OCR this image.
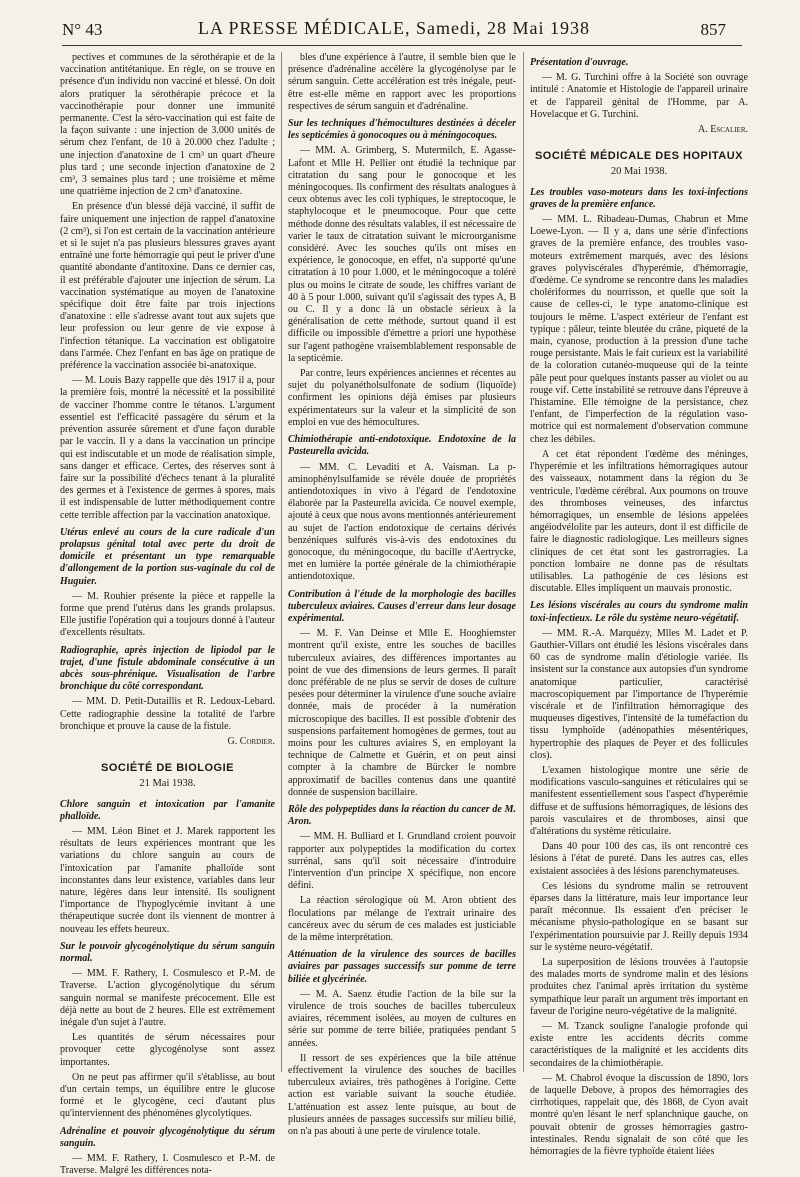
N° 43	LA PRESSE MÉDICALE, Samedi, 28 Mai 1938	857

pectives et communes de la sérothérapie et de la vaccination antitétanique. En règle, on se trouve en présence d'un individu non vacciné et blessé. On doit alors pratiquer la sérothérapie précoce et la vaccinothérapie pour donner une immunité permanente. C'est la séro-vaccination qui est faite de la façon suivante : une injection de 3.000 unités de sérum chez l'enfant, de 10 à 20.000 chez l'adulte ; une injection d'anatoxine de 1 cm³ un quart d'heure plus tard ; une seconde injection d'anatoxine de 2 cm³, 3 semaines plus tard ; une troisième et même une quatrième injection de 2 cm³ d'anatoxine.

En présence d'un blessé déjà vacciné, il suffit de faire uniquement une injection de rappel d'anatoxine (2 cm³), si l'on est certain de la vaccination antérieure et si le sujet n'a pas plusieurs blessures graves ayant entraîné une forte hémorragie qui peut le priver d'une quantité abondante d'antitoxine. Dans ce dernier cas, il est préférable d'ajouter une injection de sérum. La vaccination systématique au moyen de l'anatoxine spécifique doit être faite par trois injections d'anatoxine : elle s'adresse avant tout aux sujets que leur profession ou leur genre de vie expose à l'infection tétanique. La vaccination est obligatoire dans l'armée. Chez l'enfant en bas âge on pratique de préférence la vaccination associée bi-anatoxique.

— M. Louis Bazy rappelle que dès 1917 il a, pour la première fois, montré la nécessité et la possibilité de vacciner l'homme contre le tétanos. L'argument essentiel est l'efficacité passagère du sérum et la prévention assurée sûrement et d'une façon durable par le vaccin. Il y a dans la vaccination un principe qui est indiscutable et un mode de réalisation simple, sans danger et efficace. Certes, des réserves sont à faire sur la possibilité d'échecs tenant à la pluralité des germes et à l'existence de germes à spores, mais il est indispensable de lutter méthodiquement contre cette terrible affection par la vaccination anatoxique.

Utérus enlevé au cours de la cure radicale d'un prolapsus génital total avec perte du droit de domicile et présentant un type remarquable d'allongement de la portion sus-vaginale du col de Huguier.

— M. Rouhier présente la pièce et rappelle la forme que prend l'utérus dans les grands prolapsus. Elle justifie l'opération qui a toujours donné à l'auteur d'excellents résultats.

Radiographie, après injection de lipiodol par le trajet, d'une fistule abdominale consécutive à un abcès sous-phrénique. Visualisation de l'arbre bronchique du côté correspondant.

— MM. D. Petit-Dutaillis et R. Ledoux-Lebard. Cette radiographie dessine la totalité de l'arbre bronchique et prouve la cause de la fistule.

G. Cordier.
SOCIÉTÉ DE BIOLOGIE
21 Mai 1938.

Chlore sanguin et intoxication par l'amanite phalloïde.

— MM. Léon Binet et J. Marek rapportent les résultats de leurs expériences montrant que les variations du chlore sanguin au cours de l'intoxication par l'amanite phalloïde sont inconstantes dans leur existence, variables dans leur nature, légères dans leur intensité. Ils soulignent l'importance de l'hypoglycémie invitant à une thérapeutique sucrée dont ils viennent de montrer à nouveau les effets heureux.

Sur le pouvoir glycogénolytique du sérum sanguin normal.

— MM. F. Rathery, I. Cosmulesco et P.-M. de Traverse. L'action glycogénolytique du sérum sanguin normal se manifeste précocement. Elle est déjà nette au bout de 2 heures. Elle est extrêmement inégale d'un sujet à l'autre.

Les quantités de sérum nécessaires pour provoquer cette glycogénolyse sont assez importantes.

On ne peut pas affirmer qu'il s'établisse, au bout d'un certain temps, un équilibre entre le glucose formé et le glycogène, ceci d'autant plus qu'interviennent des phénomènes glycolytiques.

Adrénaline et pouvoir glycogénolytique du sérum sanguin.

— MM. F. Rathery, I. Cosmulesco et P.-M. de Traverse. Malgré les différences nota-

bles d'une expérience à l'autre, il semble bien que le présence d'adrénaline accélère la glycogénolyse par le sérum sanguin. Cette accélération est très inégale, peut-être est-elle même en rapport avec les proportions respectives de sérum sanguin et d'adrénaline.

Sur les techniques d'hémocultures destinées à déceler les septicémies à gonocoques ou à méningocoques.

— MM. A. Grimberg, S. Mutermilch, E. Agasse-Lafont et Mlle H. Pellier ont étudié la technique par citratation du sang pour le gonocoque et les méningocoques. Ils confirment des résultats analogues à ceux obtenus avec les coli typhiques, le streptocoque, le staphylocoque et le pneumocoque. Pour que cette méthode donne des résultats valables, il est nécessaire de varier le taux de citratation suivant le microorganisme considéré. Avec les souches qu'ils ont mises en expérience, le gonocoque, en effet, n'a supporté qu'une citratation à 10 pour 1.000, et le méningocoque a toléré plus ou moins le citrate de soude, les chiffres variant de 40 à 5 pour 1.000, suivant qu'il s'agissait des types A, B ou C. Il y a donc là un obstacle sérieux à la généralisation de cette méthode, surtout quand il est difficile ou impossible d'émettre a priori une hypothèse sur l'agent pathogène vraisemblablement responsable de la septicémie.

Par contre, leurs expériences anciennes et récentes au sujet du polyanétholsulfonate de sodium (liquoïde) confirment les opinions déjà émises par plusieurs expérimentateurs sur la valeur et la simplicité de son emploi en vue des hémocultures.

Chimiothérapie anti-endotoxique. Endotoxine de la Pasteurella avicida.

— MM. C. Levaditi et A. Vaisman. La p-aminophénylsulfamide se révèle douée de propriétés antiendotoxiques in vivo à l'égard de l'endotoxine élaborée par la Pasteurella avicida. Ce nouvel exemple, ajouté à ceux que nous avons mentionnés antérieurement au sujet de l'action endotoxique de certains dérivés benzéniques sulfurés vis-à-vis des endotoxines du gonocoque, du méningocoque, du bacille d'Aertrycke, met en lumière la portée générale de la chimiothérapie antiendotoxique.

Contribution à l'étude de la morphologie des bacilles tuberculeux aviaires. Causes d'erreur dans leur dosage expérimental.

— M. F. Van Deinse et Mlle E. Hooghiemster montrent qu'il existe, entre les souches de bacilles tuberculeux aviaires, des différences importantes au point de vue des dimensions de leurs germes. Il paraît donc préférable de ne plus se servir de doses de culture pesées pour déterminer la virulence d'une souche aviaire donnée, mais de procéder à la numération microscopique des bacilles. Il est possible d'obtenir des suspensions parfaitement homogènes de germes, tout au moins pour les cultures aviaires S, en employant la technique de Calmette et Guérin, et on peut ainsi compter à la chambre de Bürcker le nombre approximatif de bacilles contenus dans une quantité donnée de suspension bacillaire.

Rôle des polypeptides dans la réaction du cancer de M. Aron.

— MM. H. Bulliard et I. Grundland croient pouvoir rapporter aux polypeptides la modification du cortex surrénal, sans qu'il soit nécessaire d'introduire l'intervention d'un principe X spécifique, non encore défini.

La réaction sérologique où M. Aron obtient des floculations par mélange de l'extrait urinaire des cancéreux avec du sérum de ces malades est justiciable de la même interprétation.

Atténuation de la virulence des sources de bacilles aviaires par passages successifs sur pomme de terre biliée et glycérinée.

— M. A. Saenz étudie l'action de la bile sur la virulence de trois souches de bacilles tuberculeux aviaires, récemment isolées, au moyen de cultures en série sur pomme de terre biliée, pratiquées pendant 5 années.

Il ressort de ses expériences que la bile atténue effectivement la virulence des souches de bacilles tuberculeux aviaires, très pathogènes à l'origine. Cette action est variable suivant la souche étudiée. L'atténuation est assez lente puisque, au bout de plusieurs années de passages successifs sur milieu bilié, on n'a pas abouti à une perte de virulence totale.

Présentation d'ouvrage.

— M. G. Turchini offre à la Société son ouvrage intitulé : Anatomie et Histologie de l'appareil urinaire et de l'appareil génital de l'Homme, par A. Hovelacque et G. Turchini.

A. Escalier.
SOCIÉTÉ MÉDICALE DES HOPITAUX
20 Mai 1938.

Les troubles vaso-moteurs dans les toxi-infections graves de la première enfance.

— MM. L. Ribadeau-Dumas, Chabrun et Mme Loewe-Lyon. — Il y a, dans une série d'infections graves de la première enfance, des troubles vaso-moteurs extrêmement marqués, avec des lésions graves polyviscérales d'hyperémie, d'hémorragie, d'œdème. Ce syndrome se rencontre dans les maladies cholériformes du nourrisson, et quelle que soit la cause de celles-ci, le type anatomo-clinique est toujours le même. L'aspect extérieur de l'enfant est typique : pâleur, teinte bleutée du crâne, piqueté de la main, cyanose, production à la pression d'une tache rouge persistante. Mais le fait curieux est la variabilité de la coloration cutanéo-muqueuse qui de la teinte pâle peut pour quelques instants passer au violet ou au rouge vif. Cette instabilité se retrouve dans l'épreuve à l'histamine. Elle témoigne de la persistance, chez l'enfant, de l'imperfection de la régulation vaso-motrice qui est normalement d'observation commune chez les débiles.

A cet état répondent l'œdème des méninges, l'hyperémie et les infiltrations hémorragiques autour des vaisseaux, notamment dans la région du 3e ventricule, l'œdème cérébral. Aux poumons on trouve des thromboses veineuses, des infarctus hémorragiques, un ensemble de lésions appelées angéiodvélolite par les auteurs, dont il est difficile de faire le diagnostic radiologique. Les meilleurs signes cliniques de cet état sont les gastrorragies. La ponction lombaire ne donne pas de résultats utilisables. La pathogénie de ces lésions est discutable. Elles impliquent un mauvais pronostic.

Les lésions viscérales au cours du syndrome malin toxi-infectieux. Le rôle du système neuro-végétatif.

— MM. R.-A. Marquézy, Mlles M. Ladet et P. Gauthier-Villars ont étudié les lésions viscérales dans 60 cas de syndrome malin d'étiologie variée. Ils insistent sur la constance aux autopsies d'un syndrome anatomique particulier, caractérisé macroscopiquement par l'importance de l'hyperémie viscérale et de l'infiltration hémorragique des muqueuses digestives, l'intensité de la tuméfaction du tissu lymphoïde (adénopathies mésentériques, hypertrophie des plaques de Peyer et des follicules clos).

L'examen histologique montre une série de modifications vasculo-sanguines et réticulaires qui se manifestent essentiellement sous l'aspect d'hyperémie diffuse et de suffusions hémorragiques, de lésions des parois vasculaires et de thromboses, ainsi que d'altérations du système réticulaire.

Dans 40 pour 100 des cas, ils ont rencontré ces lésions à l'état de pureté. Dans les autres cas, elles existaient associées à des lésions parenchymateuses.

Ces lésions du syndrome malin se retrouvent éparses dans la littérature, mais leur importance leur paraît méconnue. Ils essaient d'en préciser le mécanisme physio-pathologique en se basant sur l'expérimentation poursuivie par J. Reilly depuis 1934 sur le système neuro-végétatif.

La superposition de lésions trouvées à l'autopsie des malades morts de syndrome malin et des lésions produites chez l'animal après irritation du système sympathique leur paraît un argument très important en faveur de l'origine neuro-végétative de la malignité.

— M. Tzanck souligne l'analogie profonde qui existe entre les accidents décrits comme caractéristiques de la malignité et les accidents dits secondaires de la chimiothérapie.

— M. Chabrol évoque la discussion de 1890, lors de laquelle Debove, à propos des hémorragies des cirrhotiques, rappelait que, dès 1868, de Cyon avait montré qu'en lésant le nerf splanchnique gauche, on pouvait obtenir de grosses hémorragies gastro-intestinales. Rendu signalait de son côté que les hémorragies de la fièvre typhoïde étaient liées
